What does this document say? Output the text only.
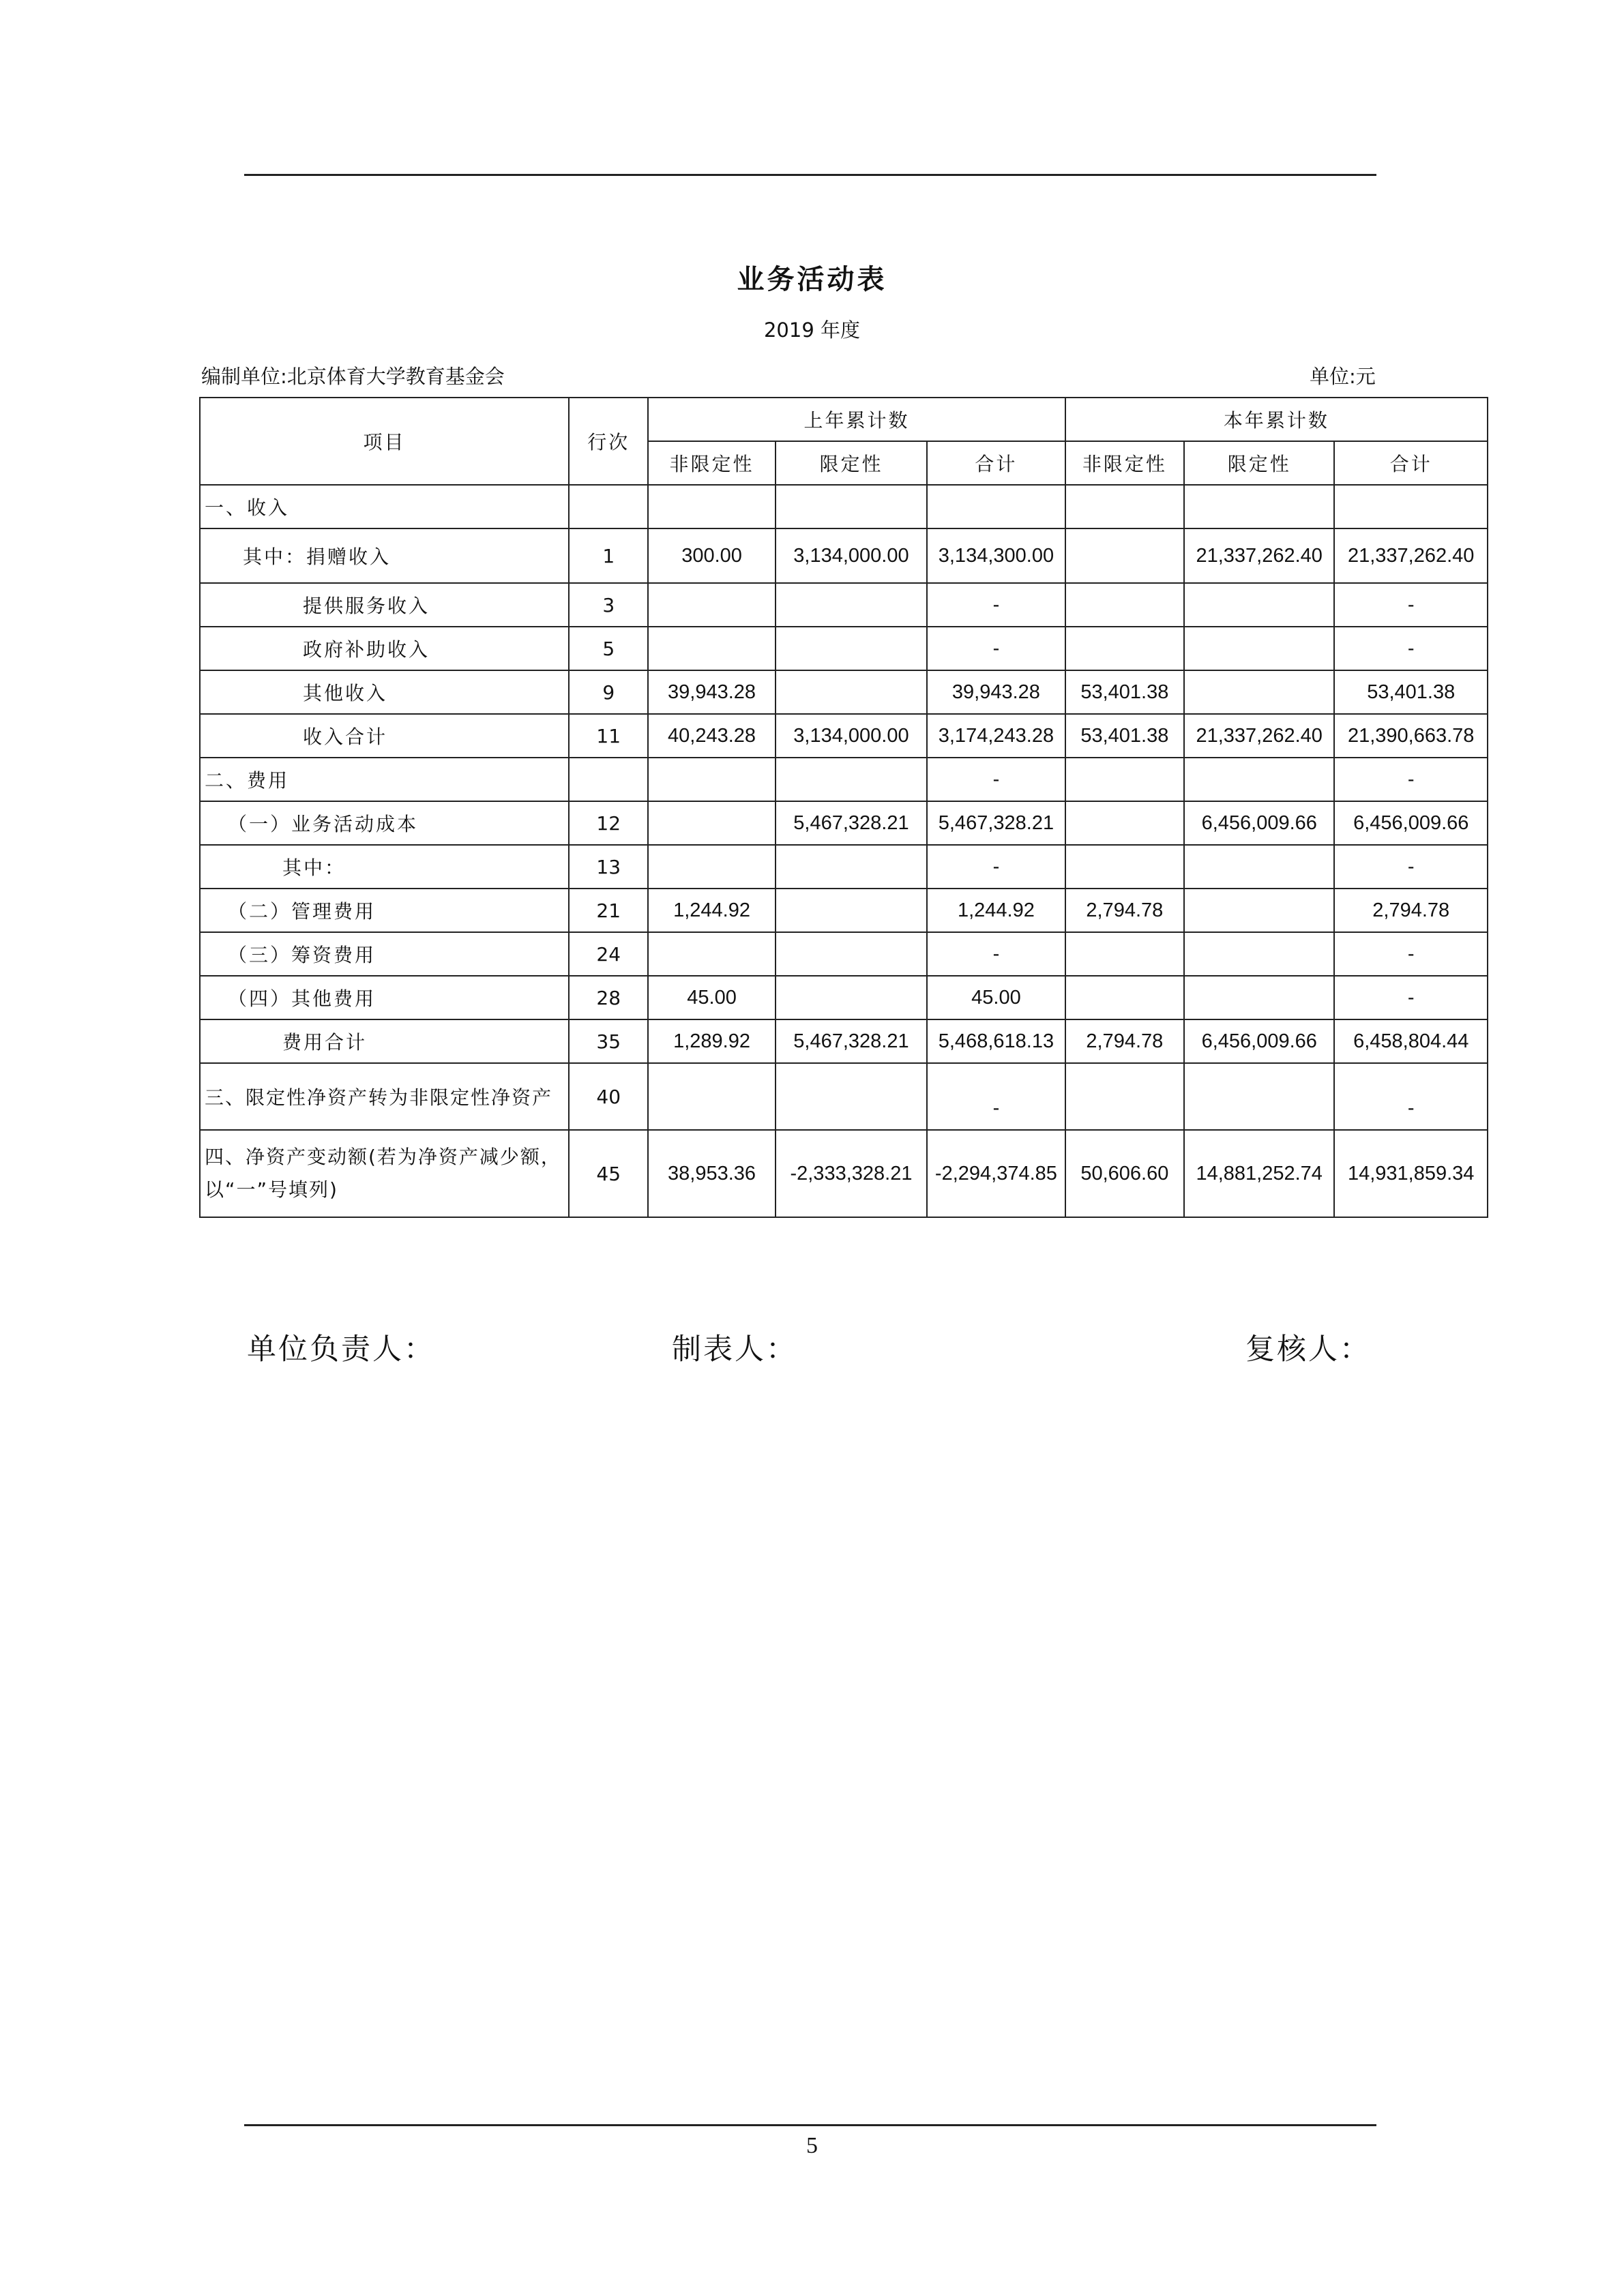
业务活动表
2019 年度
编制单位:北京体育大学教育基金会	单位:元
项目	行次	上年累计数			本年累计数		
		非限定性	限定性	合计	非限定性	限定性	合计
一、收入							
其中：捐赠收入	1	300.00	3,134,000.00	3,134,300.00		21,337,262.40	21,337,262.40
提供服务收入	3			-			-
政府补助收入	5			-			-
其他收入	9	39,943.28		39,943.28	53,401.38		53,401.38
收入合计	11	40,243.28	3,134,000.00	3,174,243.28	53,401.38	21,337,262.40	21,390,663.78
二、费用				-			-
（一）业务活动成本	12		5,467,328.21	5,467,328.21		6,456,009.66	6,456,009.66
其中：	13			-			-
（二）管理费用	21	1,244.92		1,244.92	2,794.78		2,794.78
（三）筹资费用	24			-			-
（四）其他费用	28	45.00		45.00			-
费用合计	35	1,289.92	5,467,328.21	5,468,618.13	2,794.78	6,456,009.66	6,458,804.44
三、限定性净资产转为非限定性净资产	40			-			-
四、净资产变动额(若为净资产减少额，以“一”号填列)	45	38,953.36	-2,333,328.21	-2,294,374.85	50,606.60	14,881,252.74	14,931,859.34
单位负责人：	制表人：	复核人：
5
